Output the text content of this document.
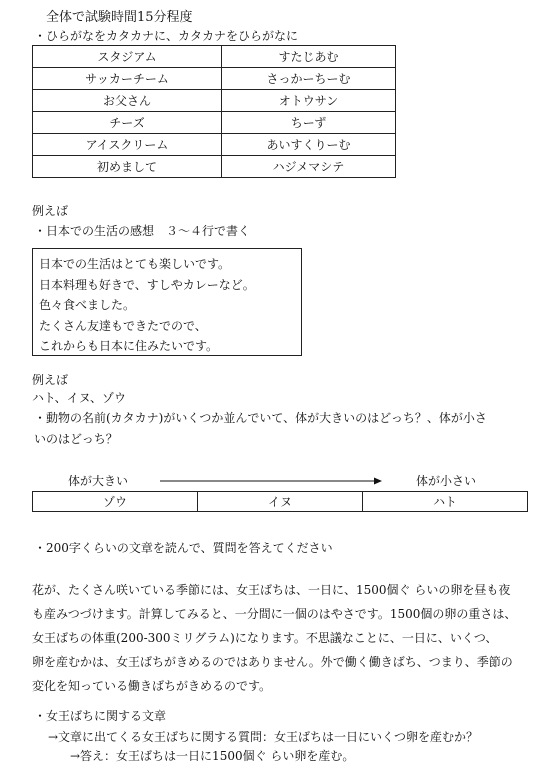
全体で試験時間15分程度
・ひらがなをカタカナに、カタカナをひらがなに
スタジアム	すたじあむ
サッカーチーム	さっかーちーむ
お父さん	オトウサン
チーズ	ちーず
アイスクリーム	あいすくりーむ
初めまして	ハジメマシテ
例えば
・日本での生活の感想　３～４行で書く
日本での生活はとても楽しいです。
日本料理も好きで、すしやカレーなど。
色々食べました。
たくさん友達もできたでので、
これからも日本に住みたいです。
例えば
ハト、イヌ、ゾウ
・動物の名前(カタカナ)がいくつか並んでいて、体が大きいのはどっち？、体が小さ
いのはどっち？
体が大きい	体が小さい
ゾウ	イヌ	ハト
・200字くらいの文章を読んで、質問を答えてください
花が、たくさん咲いている季節には、女王ばちは、一日に、1500個ぐ らいの卵を昼も夜
も産みつづけます。計算してみると、一分間に一個のはやさです。1500個の卵の重さは、
女王ばちの体重(200-300ミリグラム)になります。不思議なことに、一日に、いくつ、
卵を産むかは、女王ばちがきめるのではありません。外で働く働きばち、つまり、季節の
変化を知っている働きばちがきめるのです。
・女王ばちに関する文章
→文章に出てくる女王ばちに関する質問：女王ばちは一日にいくつ卵を産むか？
→答え：女王ばちは一日に1500個ぐ らい卵を産む。
